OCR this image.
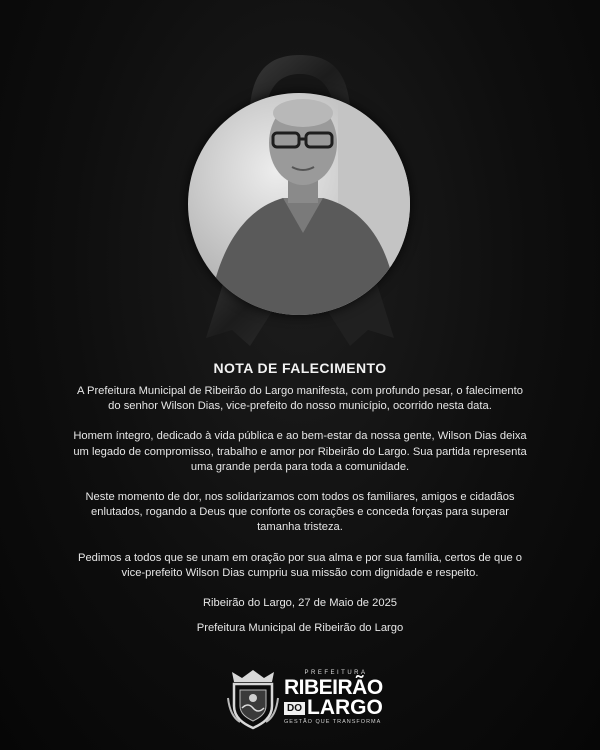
NOTA DE FALECIMENTO

A Prefeitura Municipal de Ribeirão do Largo manifesta, com profundo pesar, o falecimento do senhor Wilson Dias, vice-prefeito do nosso município, ocorrido nesta data.

Homem íntegro, dedicado à vida pública e ao bem-estar da nossa gente, Wilson Dias deixa um legado de compromisso, trabalho e amor por Ribeirão do Largo. Sua partida representa uma grande perda para toda a comunidade.

Neste momento de dor, nos solidarizamos com todos os familiares, amigos e cidadãos enlutados, rogando a Deus que conforte os corações e conceda forças para superar tamanha tristeza.

Pedimos a todos que se unam em oração por sua alma e por sua família, certos de que o vice-prefeito Wilson Dias cumpriu sua missão com dignidade e respeito.

Ribeirão do Largo, 27 de Maio de 2025

Prefeitura Municipal de Ribeirão do Largo

PREFEITURA
RIBEIRÃO
DO LARGO
GESTÃO QUE TRANSFORMA
